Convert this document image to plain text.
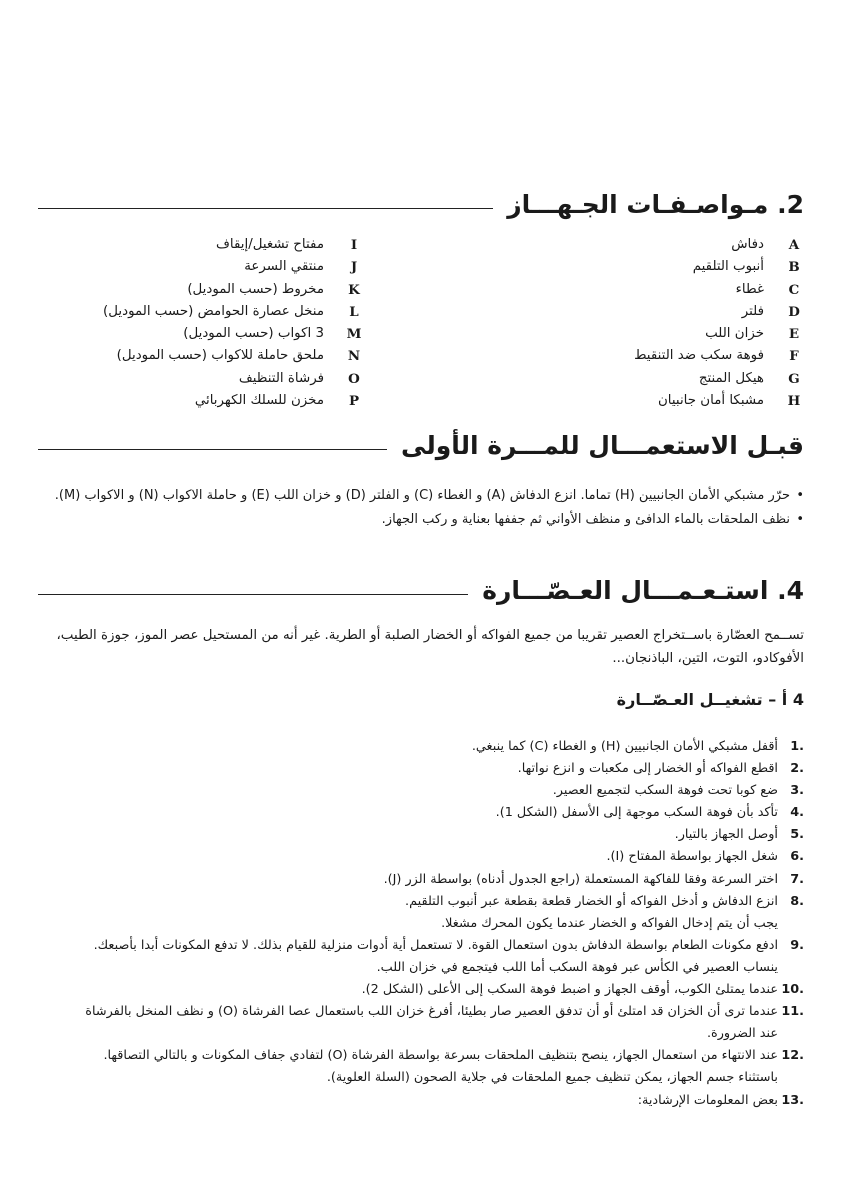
2. مـواصـفـات الجـهـــاز
A
دفاش
B
أنبوب التلقيم
C
غطاء
D
فلتر
E
خزان اللب
F
فوهة سكب ضد التنقيط
G
هيكل المنتج
H
مشبكا أمان جانبيان
I
مفتاح تشغيل/إيقاف
J
منتقي السرعة
K
مخروط (حسب الموديل)
L
منخل عصارة الحوامض (حسب الموديل)
M
3 اكواب (حسب الموديل)
N
ملحق حاملة للاكواب (حسب الموديل)
O
فرشاة التنظيف
P
مخزن للسلك الكهربائي
قبـل الاستعمـــال للمـــرة الأولى
• حرّر مشبكي الأمان الجانبيين (H) تماما. انزع الدفاش (A) و الغطاء (C) و الفلتر (D) و خزان اللب (E) و حاملة الاكواب (N) و الاكواب (M).
• نظف الملحقات بالماء الدافئ و منظف الأواني ثم جففها بعناية و ركب الجهاز.
4. استـعـمـــال العـصّـــارة

تســمح العصّارة باســتخراج العصير تقريبا من جميع الفواكه أو الخضار الصلبة أو الطرية. غير أنه من المستحيل عصر الموز، جوزة الطيب، الأفوكادو، التوت، التين، الباذنجان...

4 أ – تشغيــل العـصّــارة
.1
أقفل مشبكي الأمان الجانبيين (H) و الغطاء (C) كما ينبغي.
.2
اقطع الفواكه أو الخضار إلى مكعبات و انزع نواتها.
.3
ضع كوبا تحت فوهة السكب لتجميع العصير.
.4
تأكد بأن فوهة السكب موجهة إلى الأسفل (الشكل 1).
.5
أوصل الجهاز بالتيار.
.6
شغل الجهاز بواسطة المفتاح (I).
.7
اختر السرعة وفقا للفاكهة المستعملة (راجع الجدول أدناه) بواسطة الزر (J).
.8
انزع الدفاش و أدخل الفواكه أو الخضار قطعة بقطعة عبر أنبوب التلقيم.
يجب أن يتم إدخال الفواكه و الخضار عندما يكون المحرك مشغلا.
.9
ادفع مكونات الطعام بواسطة الدفاش بدون استعمال القوة. لا تستعمل أية أدوات منزلية للقيام بذلك. لا تدفع المكونات أبدا بأصبعك.
ينساب العصير في الكأس عبر فوهة السكب أما اللب فيتجمع في خزان اللب.
.10
عندما يمتلئ الكوب، أوقف الجهاز و اضبط فوهة السكب إلى الأعلى (الشكل 2).
.11
عندما ترى أن الخزان قد امتلئ أو أن تدفق العصير صار بطيئا، أفرغ خزان اللب باستعمال عصا الفرشاة (O) و نظف المنخل بالفرشاة
عند الضرورة.
.12
عند الانتهاء من استعمال الجهاز، ينصح بتنظيف الملحقات بسرعة بواسطة الفرشاة (O) لتفادي جفاف المكونات و بالتالي التصاقها.
باستثناء جسم الجهاز، يمكن تنظيف جميع الملحقات في جلاية الصحون (السلة العلوية).
.13
بعض المعلومات الإرشادية:
